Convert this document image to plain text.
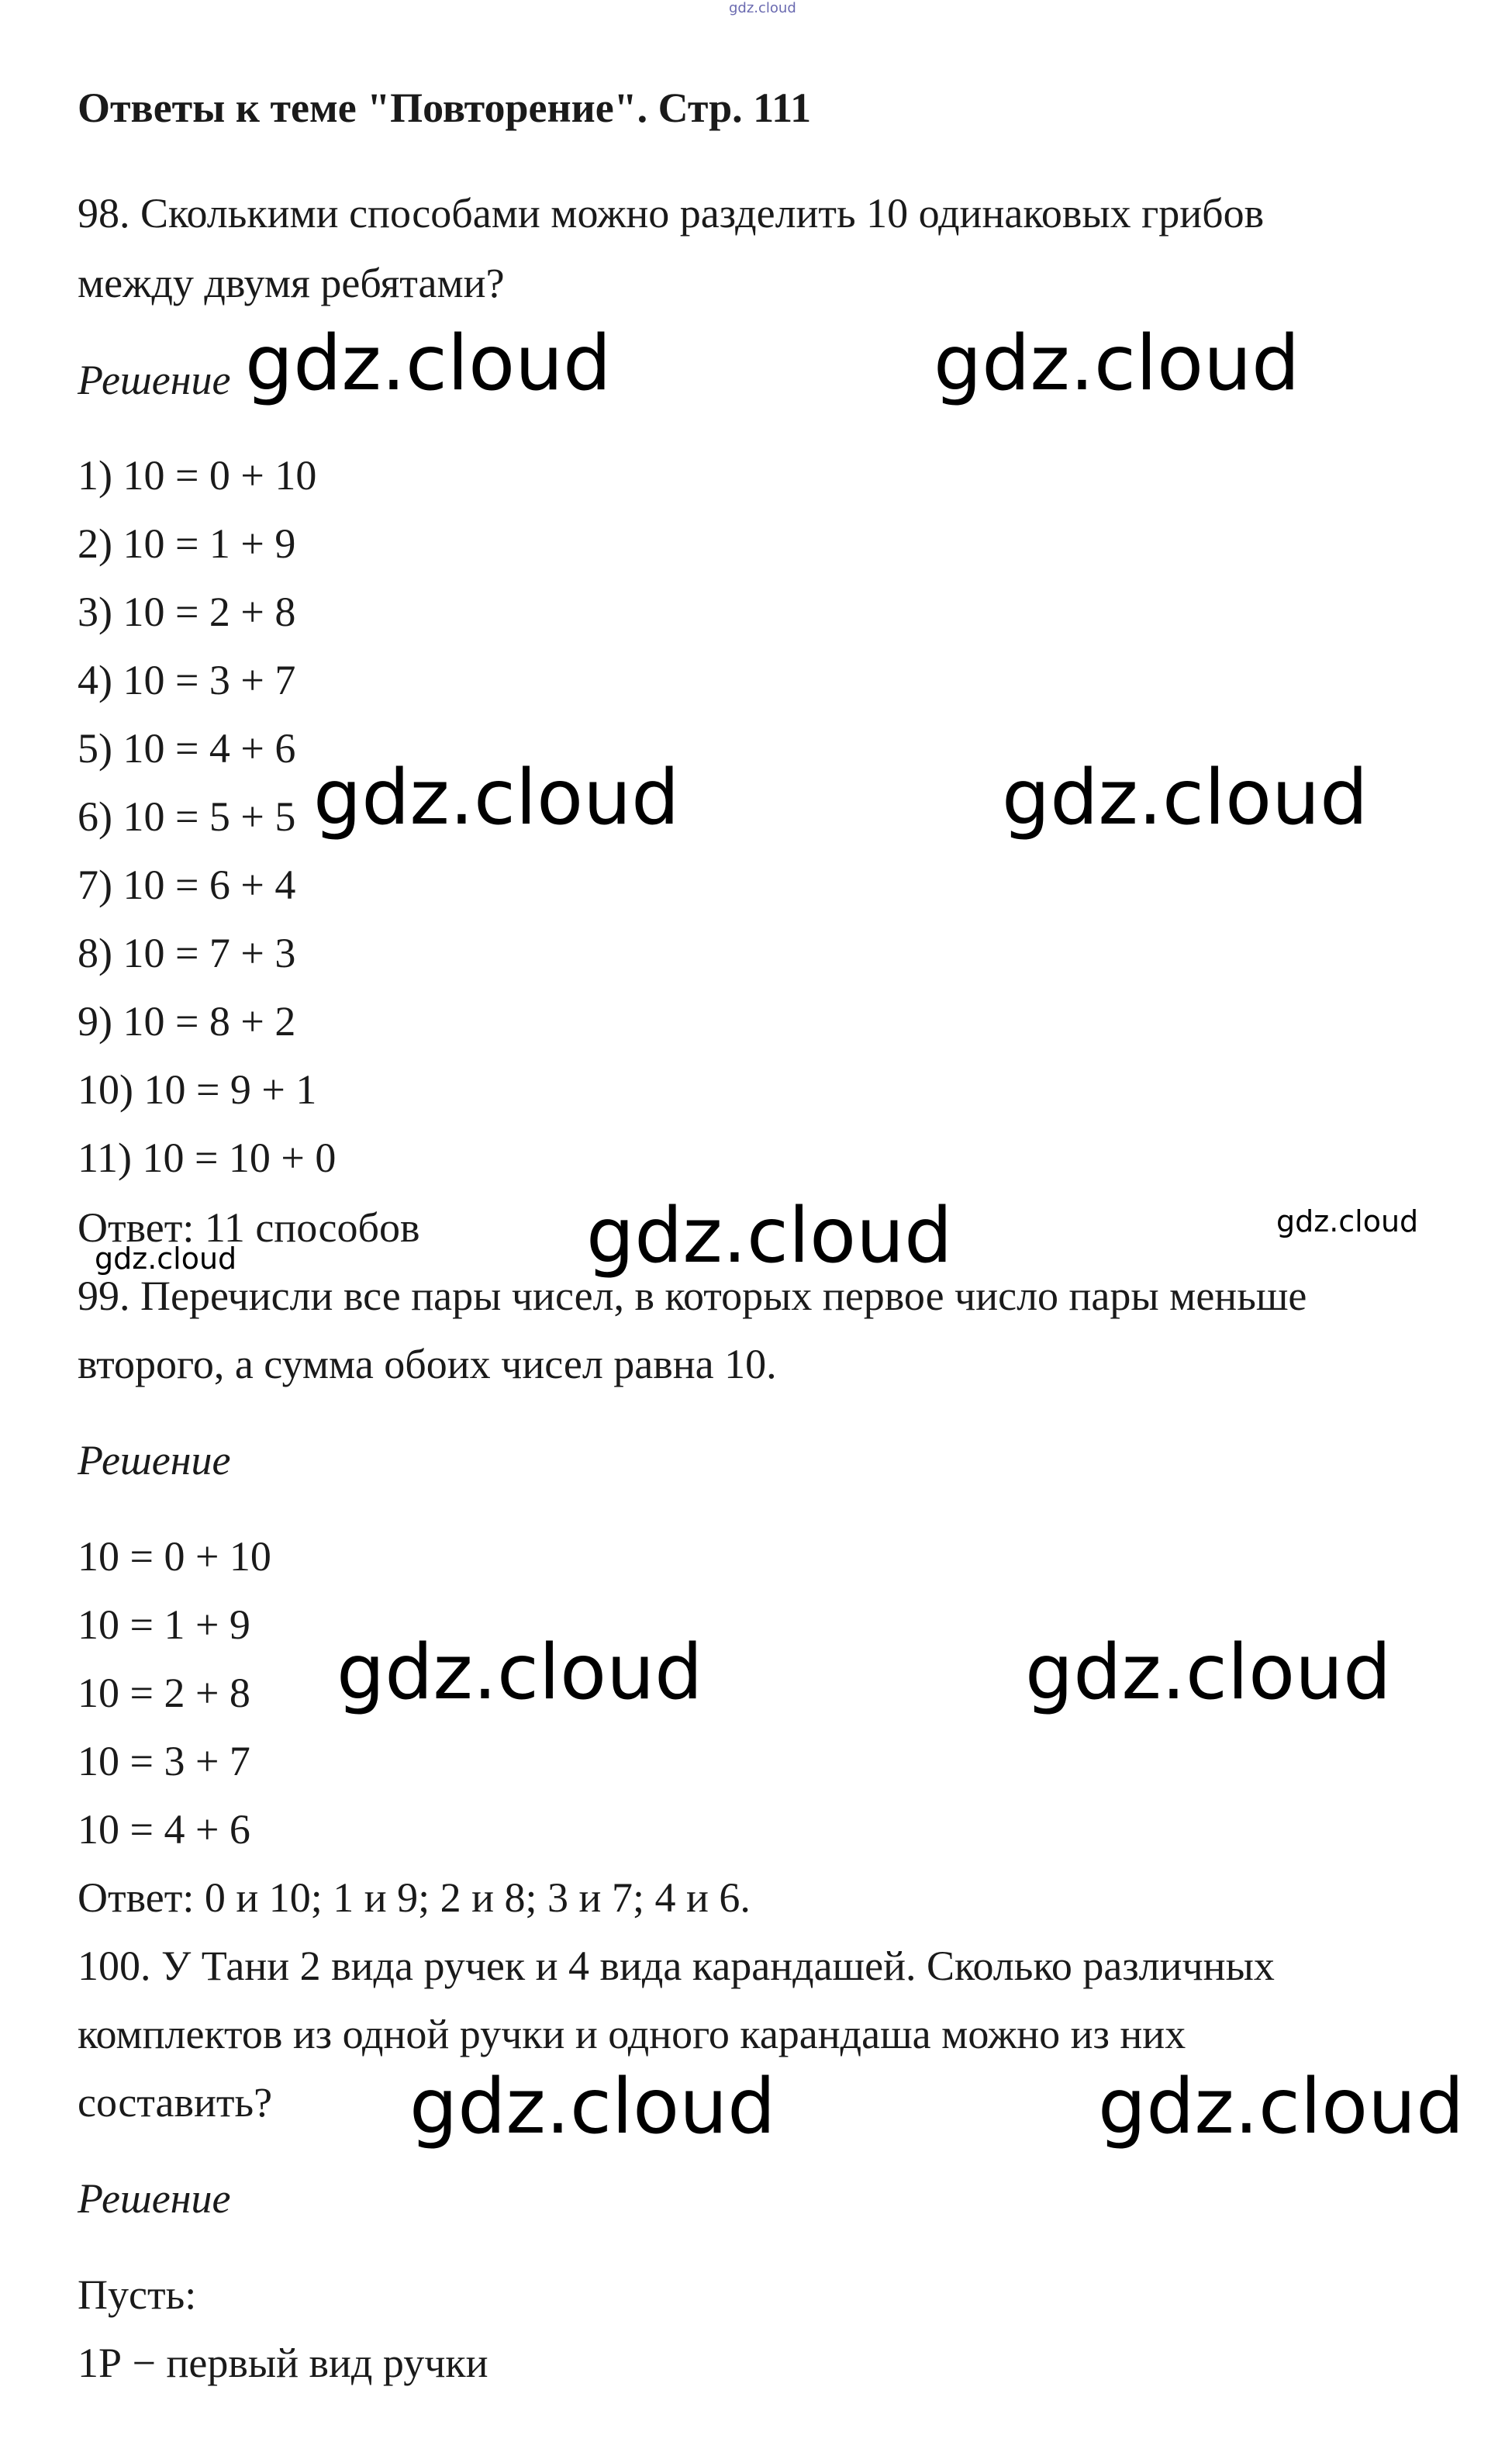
gdz.cloud
Ответы к теме "Повторение". Стр. 111
98. Сколькими способами можно разделить 10 одинаковых грибов
между двумя ребятами?
Решение
1) 10 = 0 + 10
2) 10 = 1 + 9
3) 10 = 2 + 8
4) 10 = 3 + 7
5) 10 = 4 + 6
6) 10 = 5 + 5
7) 10 = 6 + 4
8) 10 = 7 + 3
9) 10 = 8 + 2
10) 10 = 9 + 1
11) 10 = 10 + 0
Ответ: 11 способов
99. Перечисли все пары чисел, в которых первое число пары меньше
второго, а сумма обоих чисел равна 10.
Решение
10 = 0 + 10
10 = 1 + 9
10 = 2 + 8
10 = 3 + 7
10 = 4 + 6
Ответ: 0 и 10; 1 и 9; 2 и 8; 3 и 7; 4 и 6.
100. У Тани 2 вида ручек и 4 вида карандашей. Сколько различных
комплектов из одной ручки и одного карандаша можно из них
составить?
Решение
Пусть:
1Р − первый вид ручки
gdz.cloud	gdz.cloud
gdz.cloud	gdz.cloud
gdz.cloud
gdz.cloud	gdz.cloud
gdz.cloud	gdz.cloud
gdz.cloud
gdz.cloud
